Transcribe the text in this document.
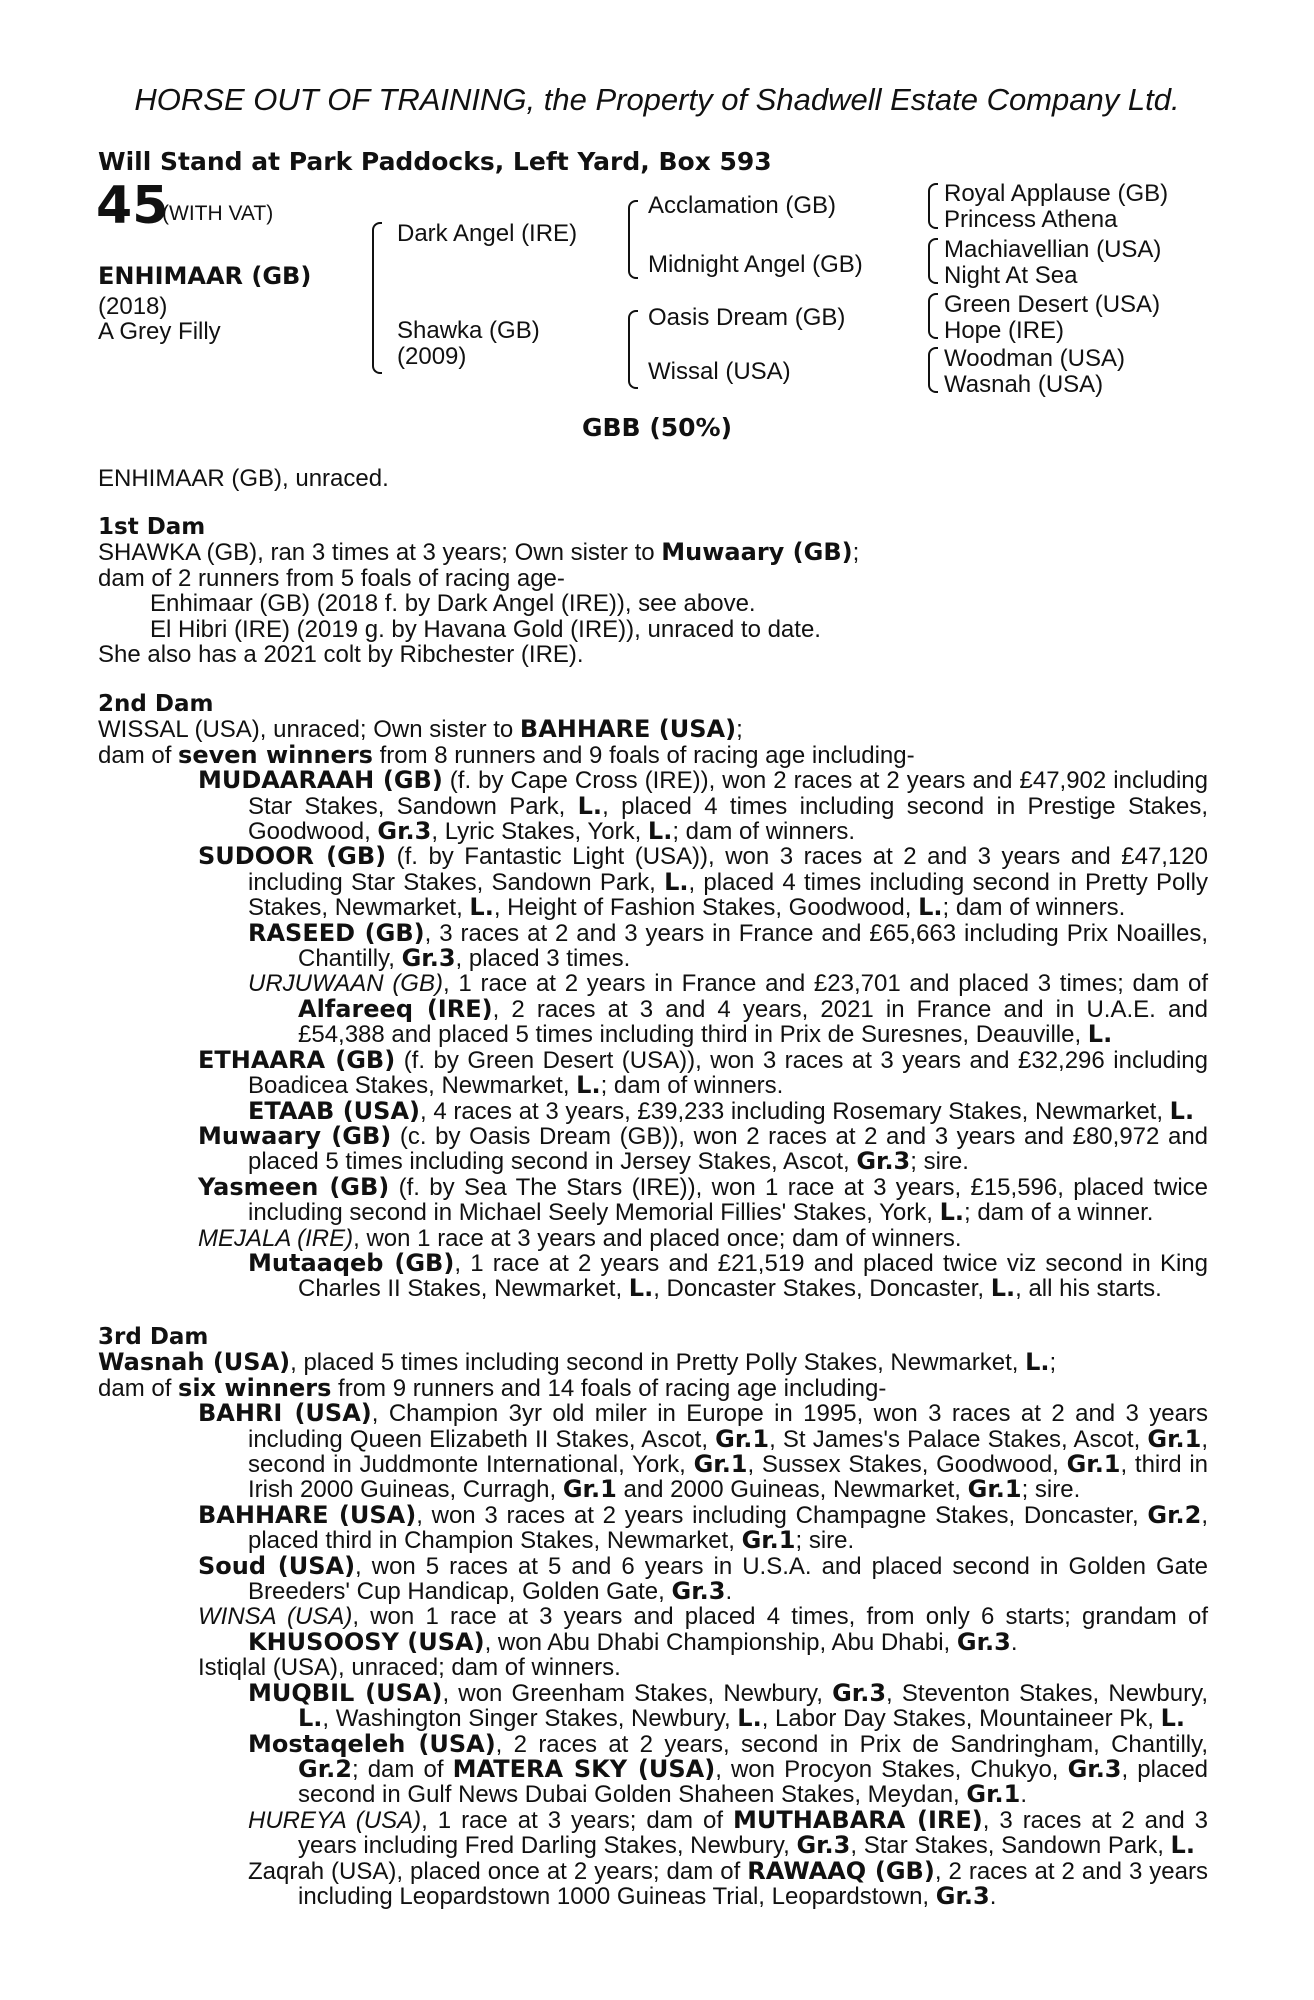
HORSE OUT OF TRAINING, the Property of Shadwell Estate Company Ltd.
Will Stand at Park Paddocks, Left Yard, Box 593
45
(WITH VAT)
ENHIMAAR (GB)
(2018)
A Grey Filly
Dark Angel (IRE)
Shawka (GB)
(2009)
Acclamation (GB)
Midnight Angel (GB)
Oasis Dream (GB)
Wissal (USA)
Royal Applause (GB)
Princess Athena
Machiavellian (USA)
Night At Sea
Green Desert (USA)
Hope (IRE)
Woodman (USA)
Wasnah (USA)
GBB (50%)
ENHIMAAR (GB), unraced.
1st Dam
SHAWKA (GB), ran 3 times at 3 years; Own sister to Muwaary (GB);
dam of 2 runners from 5 foals of racing age-
Enhimaar (GB) (2018 f. by Dark Angel (IRE)), see above.
El Hibri (IRE) (2019 g. by Havana Gold (IRE)), unraced to date.
She also has a 2021 colt by Ribchester (IRE).
2nd Dam
WISSAL (USA), unraced; Own sister to BAHHARE (USA);
dam of seven winners from 8 runners and 9 foals of racing age including-
MUDAARAAH (GB) (f. by Cape Cross (IRE)), won 2 races at 2 years and £47,902 including Star Stakes, Sandown Park, L., placed 4 times including second in Prestige Stakes, Goodwood, Gr.3, Lyric Stakes, York, L.; dam of winners.
SUDOOR (GB) (f. by Fantastic Light (USA)), won 3 races at 2 and 3 years and £47,120 including Star Stakes, Sandown Park, L., placed 4 times including second in Pretty Polly Stakes, Newmarket, L., Height of Fashion Stakes, Goodwood, L.; dam of winners.
RASEED (GB), 3 races at 2 and 3 years in France and £65,663 including Prix Noailles, Chantilly, Gr.3, placed 3 times.
URJUWAAN (GB), 1 race at 2 years in France and £23,701 and placed 3 times; dam of Alfareeq (IRE), 2 races at 3 and 4 years, 2021 in France and in U.A.E. and £54,388 and placed 5 times including third in Prix de Suresnes, Deauville, L.
ETHAARA (GB) (f. by Green Desert (USA)), won 3 races at 3 years and £32,296 including Boadicea Stakes, Newmarket, L.; dam of winners.
ETAAB (USA), 4 races at 3 years, £39,233 including Rosemary Stakes, Newmarket, L.
Muwaary (GB) (c. by Oasis Dream (GB)), won 2 races at 2 and 3 years and £80,972 and placed 5 times including second in Jersey Stakes, Ascot, Gr.3; sire.
Yasmeen (GB) (f. by Sea The Stars (IRE)), won 1 race at 3 years, £15,596, placed twice including second in Michael Seely Memorial Fillies' Stakes, York, L.; dam of a winner.
MEJALA (IRE), won 1 race at 3 years and placed once; dam of winners.
Mutaaqeb (GB), 1 race at 2 years and £21,519 and placed twice viz second in King Charles II Stakes, Newmarket, L., Doncaster Stakes, Doncaster, L., all his starts.
3rd Dam
Wasnah (USA), placed 5 times including second in Pretty Polly Stakes, Newmarket, L.;
dam of six winners from 9 runners and 14 foals of racing age including-
BAHRI (USA), Champion 3yr old miler in Europe in 1995, won 3 races at 2 and 3 years including Queen Elizabeth II Stakes, Ascot, Gr.1, St James's Palace Stakes, Ascot, Gr.1, second in Juddmonte International, York, Gr.1, Sussex Stakes, Goodwood, Gr.1, third in Irish 2000 Guineas, Curragh, Gr.1 and 2000 Guineas, Newmarket, Gr.1; sire.
BAHHARE (USA), won 3 races at 2 years including Champagne Stakes, Doncaster, Gr.2, placed third in Champion Stakes, Newmarket, Gr.1; sire.
Soud (USA), won 5 races at 5 and 6 years in U.S.A. and placed second in Golden Gate Breeders' Cup Handicap, Golden Gate, Gr.3.
WINSA (USA), won 1 race at 3 years and placed 4 times, from only 6 starts; grandam of KHUSOOSY (USA), won Abu Dhabi Championship, Abu Dhabi, Gr.3.
Istiqlal (USA), unraced; dam of winners.
MUQBIL (USA), won Greenham Stakes, Newbury, Gr.3, Steventon Stakes, Newbury, L., Washington Singer Stakes, Newbury, L., Labor Day Stakes, Mountaineer Pk, L.
Mostaqeleh (USA), 2 races at 2 years, second in Prix de Sandringham, Chantilly, Gr.2; dam of MATERA SKY (USA), won Procyon Stakes, Chukyo, Gr.3, placed second in Gulf News Dubai Golden Shaheen Stakes, Meydan, Gr.1.
HUREYA (USA), 1 race at 3 years; dam of MUTHABARA (IRE), 3 races at 2 and 3 years including Fred Darling Stakes, Newbury, Gr.3, Star Stakes, Sandown Park, L.
Zaqrah (USA), placed once at 2 years; dam of RAWAAQ (GB), 2 races at 2 and 3 years including Leopardstown 1000 Guineas Trial, Leopardstown, Gr.3.
